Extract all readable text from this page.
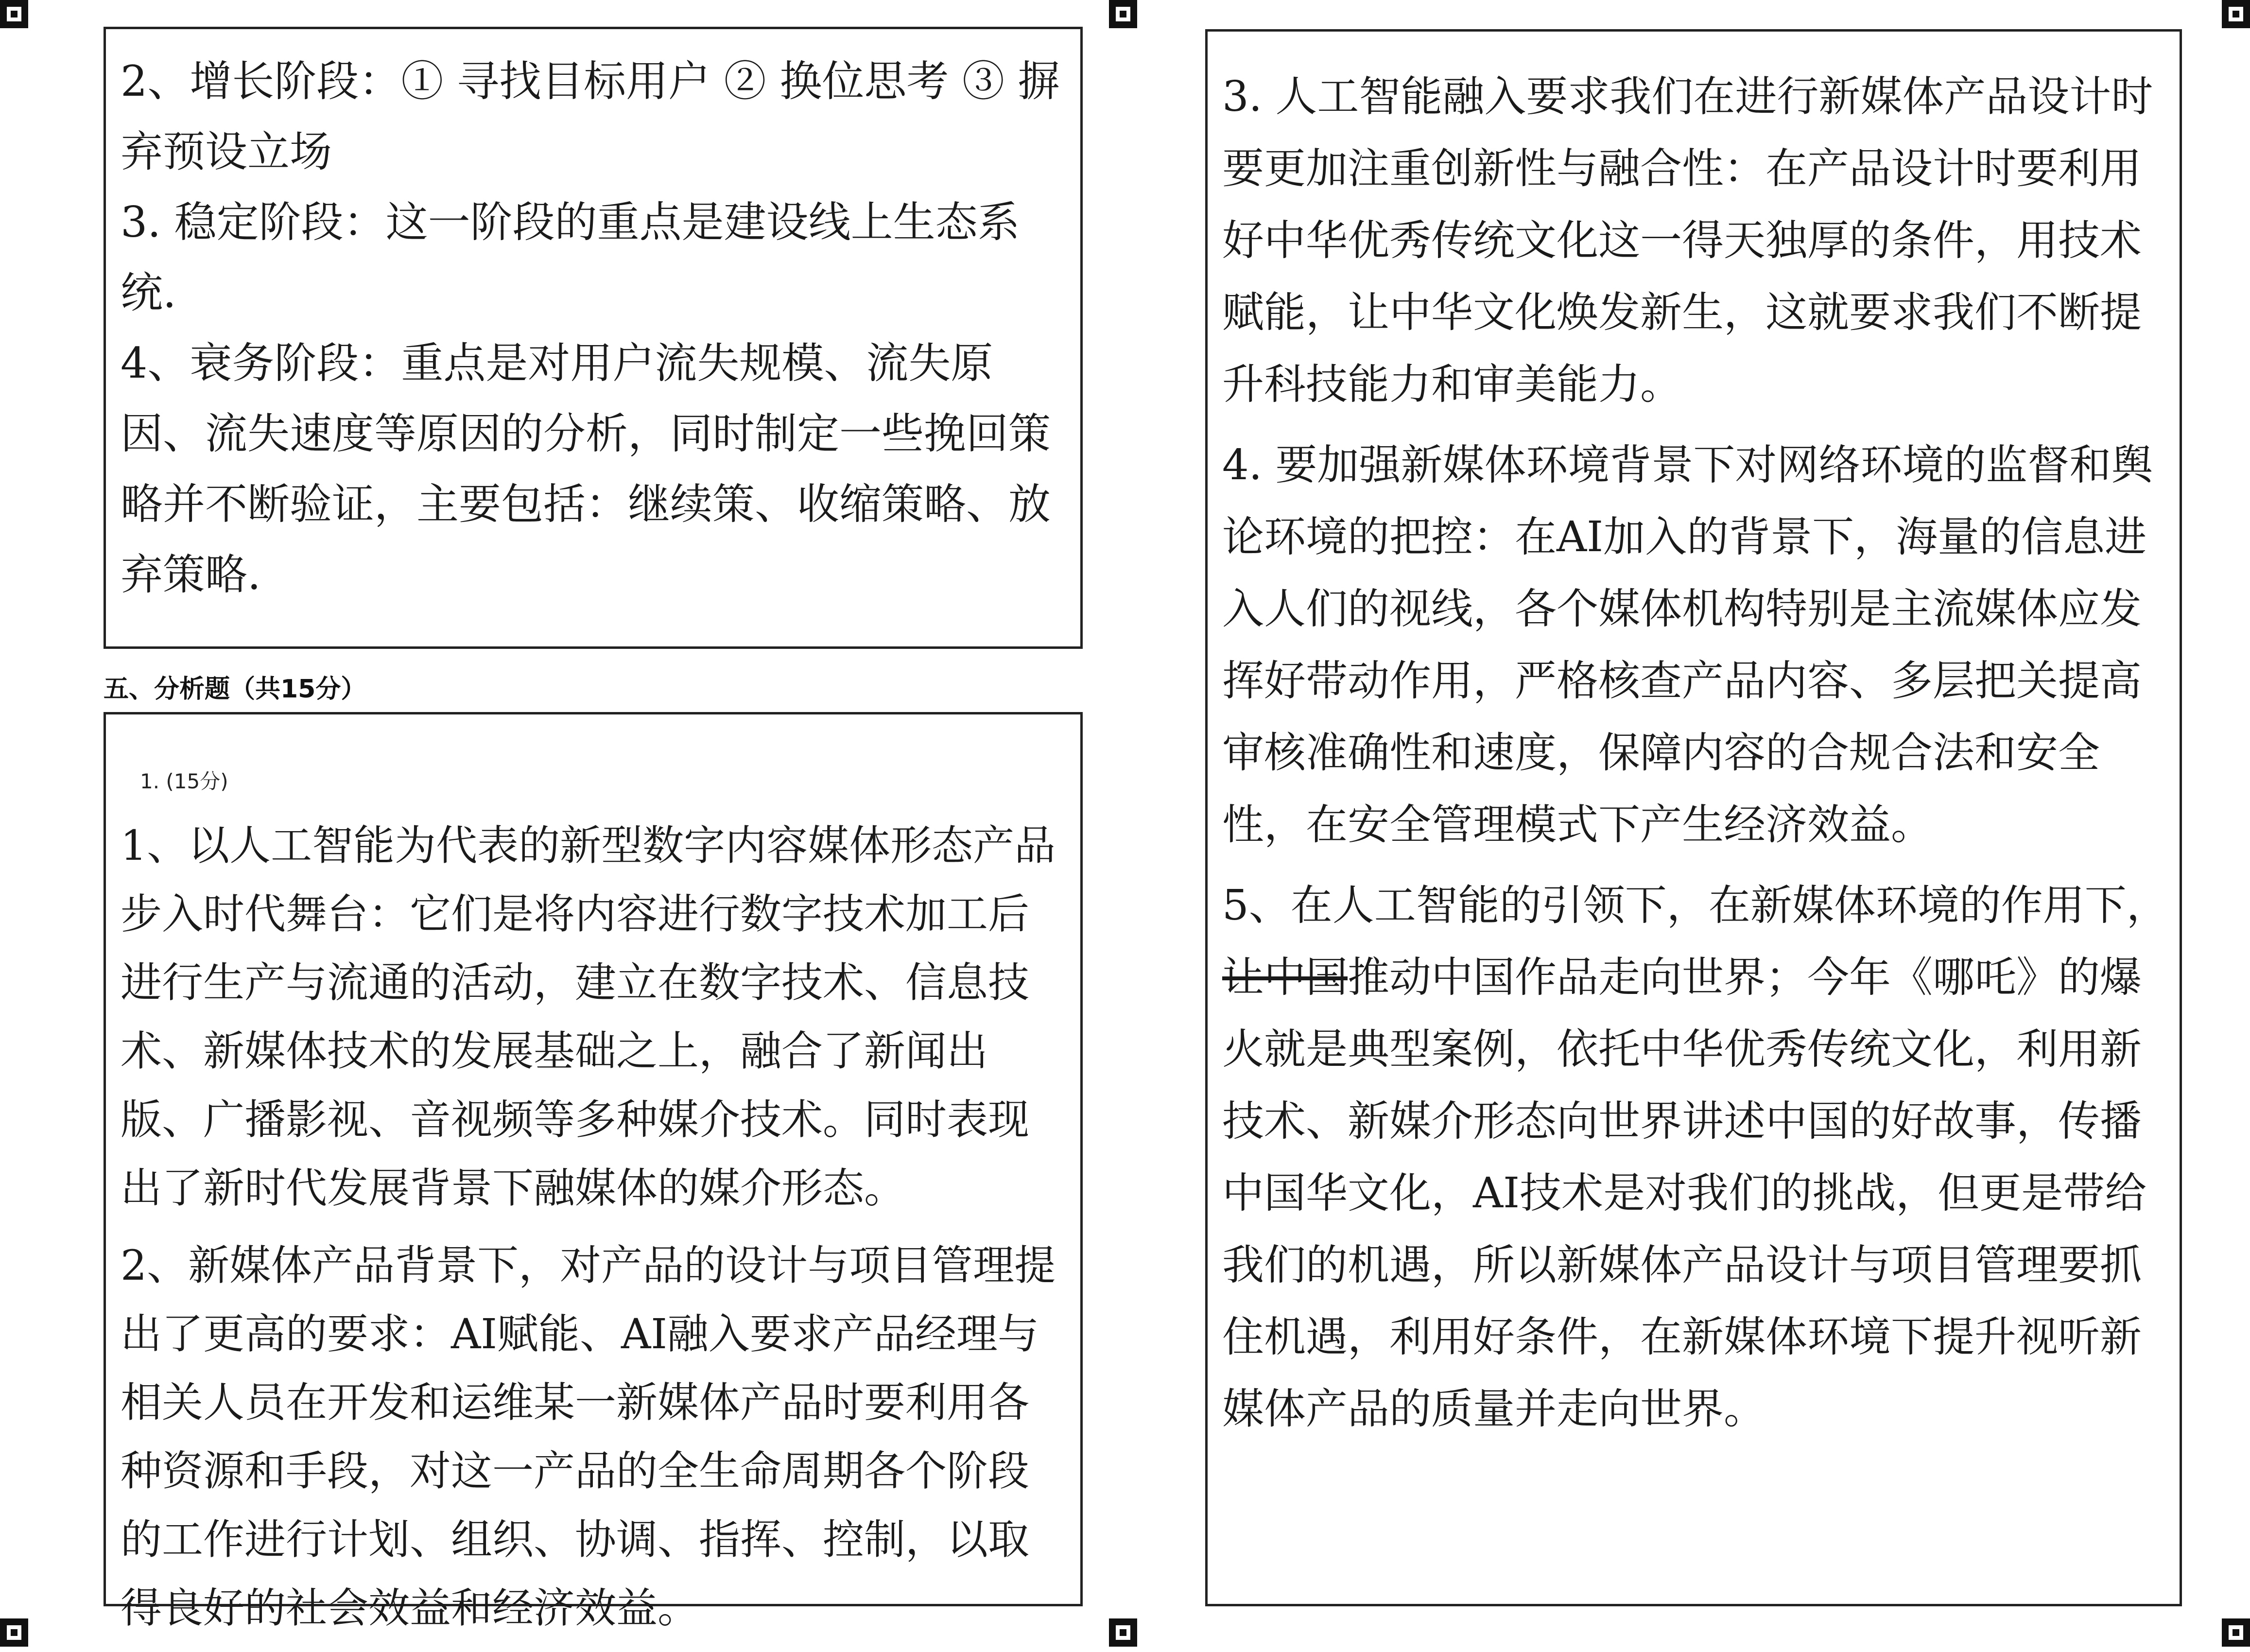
2、增长阶段：① 寻找目标用户 ② 换位思考 ③ 摒弃预设立场
3. 稳定阶段：这一阶段的重点是建设线上生态系统.
4、衰务阶段：重点是对用户流失规模、流失原因、流失速度等原因的分析，同时制定一些挽回策略并不断验证，主要包括：继续策、收缩策略、放弃策略.
五、分析题（共15分）
1. (15分)
1、以人工智能为代表的新型数字内容媒体形态产品步入时代舞台：它们是将内容进行数字技术加工后进行生产与流通的活动，建立在数字技术、信息技术、新媒体技术的发展基础之上，融合了新闻出版、广播影视、音视频等多种媒介技术。同时表现出了新时代发展背景下融媒体的媒介形态。
2、新媒体产品背景下，对产品的设计与项目管理提出了更高的要求：AI赋能、AI融入要求产品经理与相关人员在开发和运维某一新媒体产品时要利用各种资源和手段，对这一产品的全生命周期各个阶段的工作进行计划、组织、协调、指挥、控制，以取得良好的社会效益和经济效益。
3. 人工智能融入要求我们在进行新媒体产品设计时要更加注重创新性与融合性：在产品设计时要利用好中华优秀传统文化这一得天独厚的条件，用技术赋能，让中华文化焕发新生，这就要求我们不断提升科技能力和审美能力。
4. 要加强新媒体环境背景下对网络环境的监督和舆论环境的把控：在AI加入的背景下，海量的信息进入人们的视线，各个媒体机构特别是主流媒体应发挥好带动作用，严格核查产品内容、多层把关提高审核准确性和速度，保障内容的合规合法和安全性，在安全管理模式下产生经济效益。
5、在人工智能的引领下，在新媒体环境的作用下，让中国推动中国作品走向世界；今年《哪吒》的爆火就是典型案例，依托中华优秀传统文化，利用新技术、新媒介形态向世界讲述中国的好故事，传播中国华文化，AI技术是对我们的挑战，但更是带给我们的机遇，所以新媒体产品设计与项目管理要抓住机遇，利用好条件，在新媒体环境下提升视听新媒体产品的质量并走向世界。
